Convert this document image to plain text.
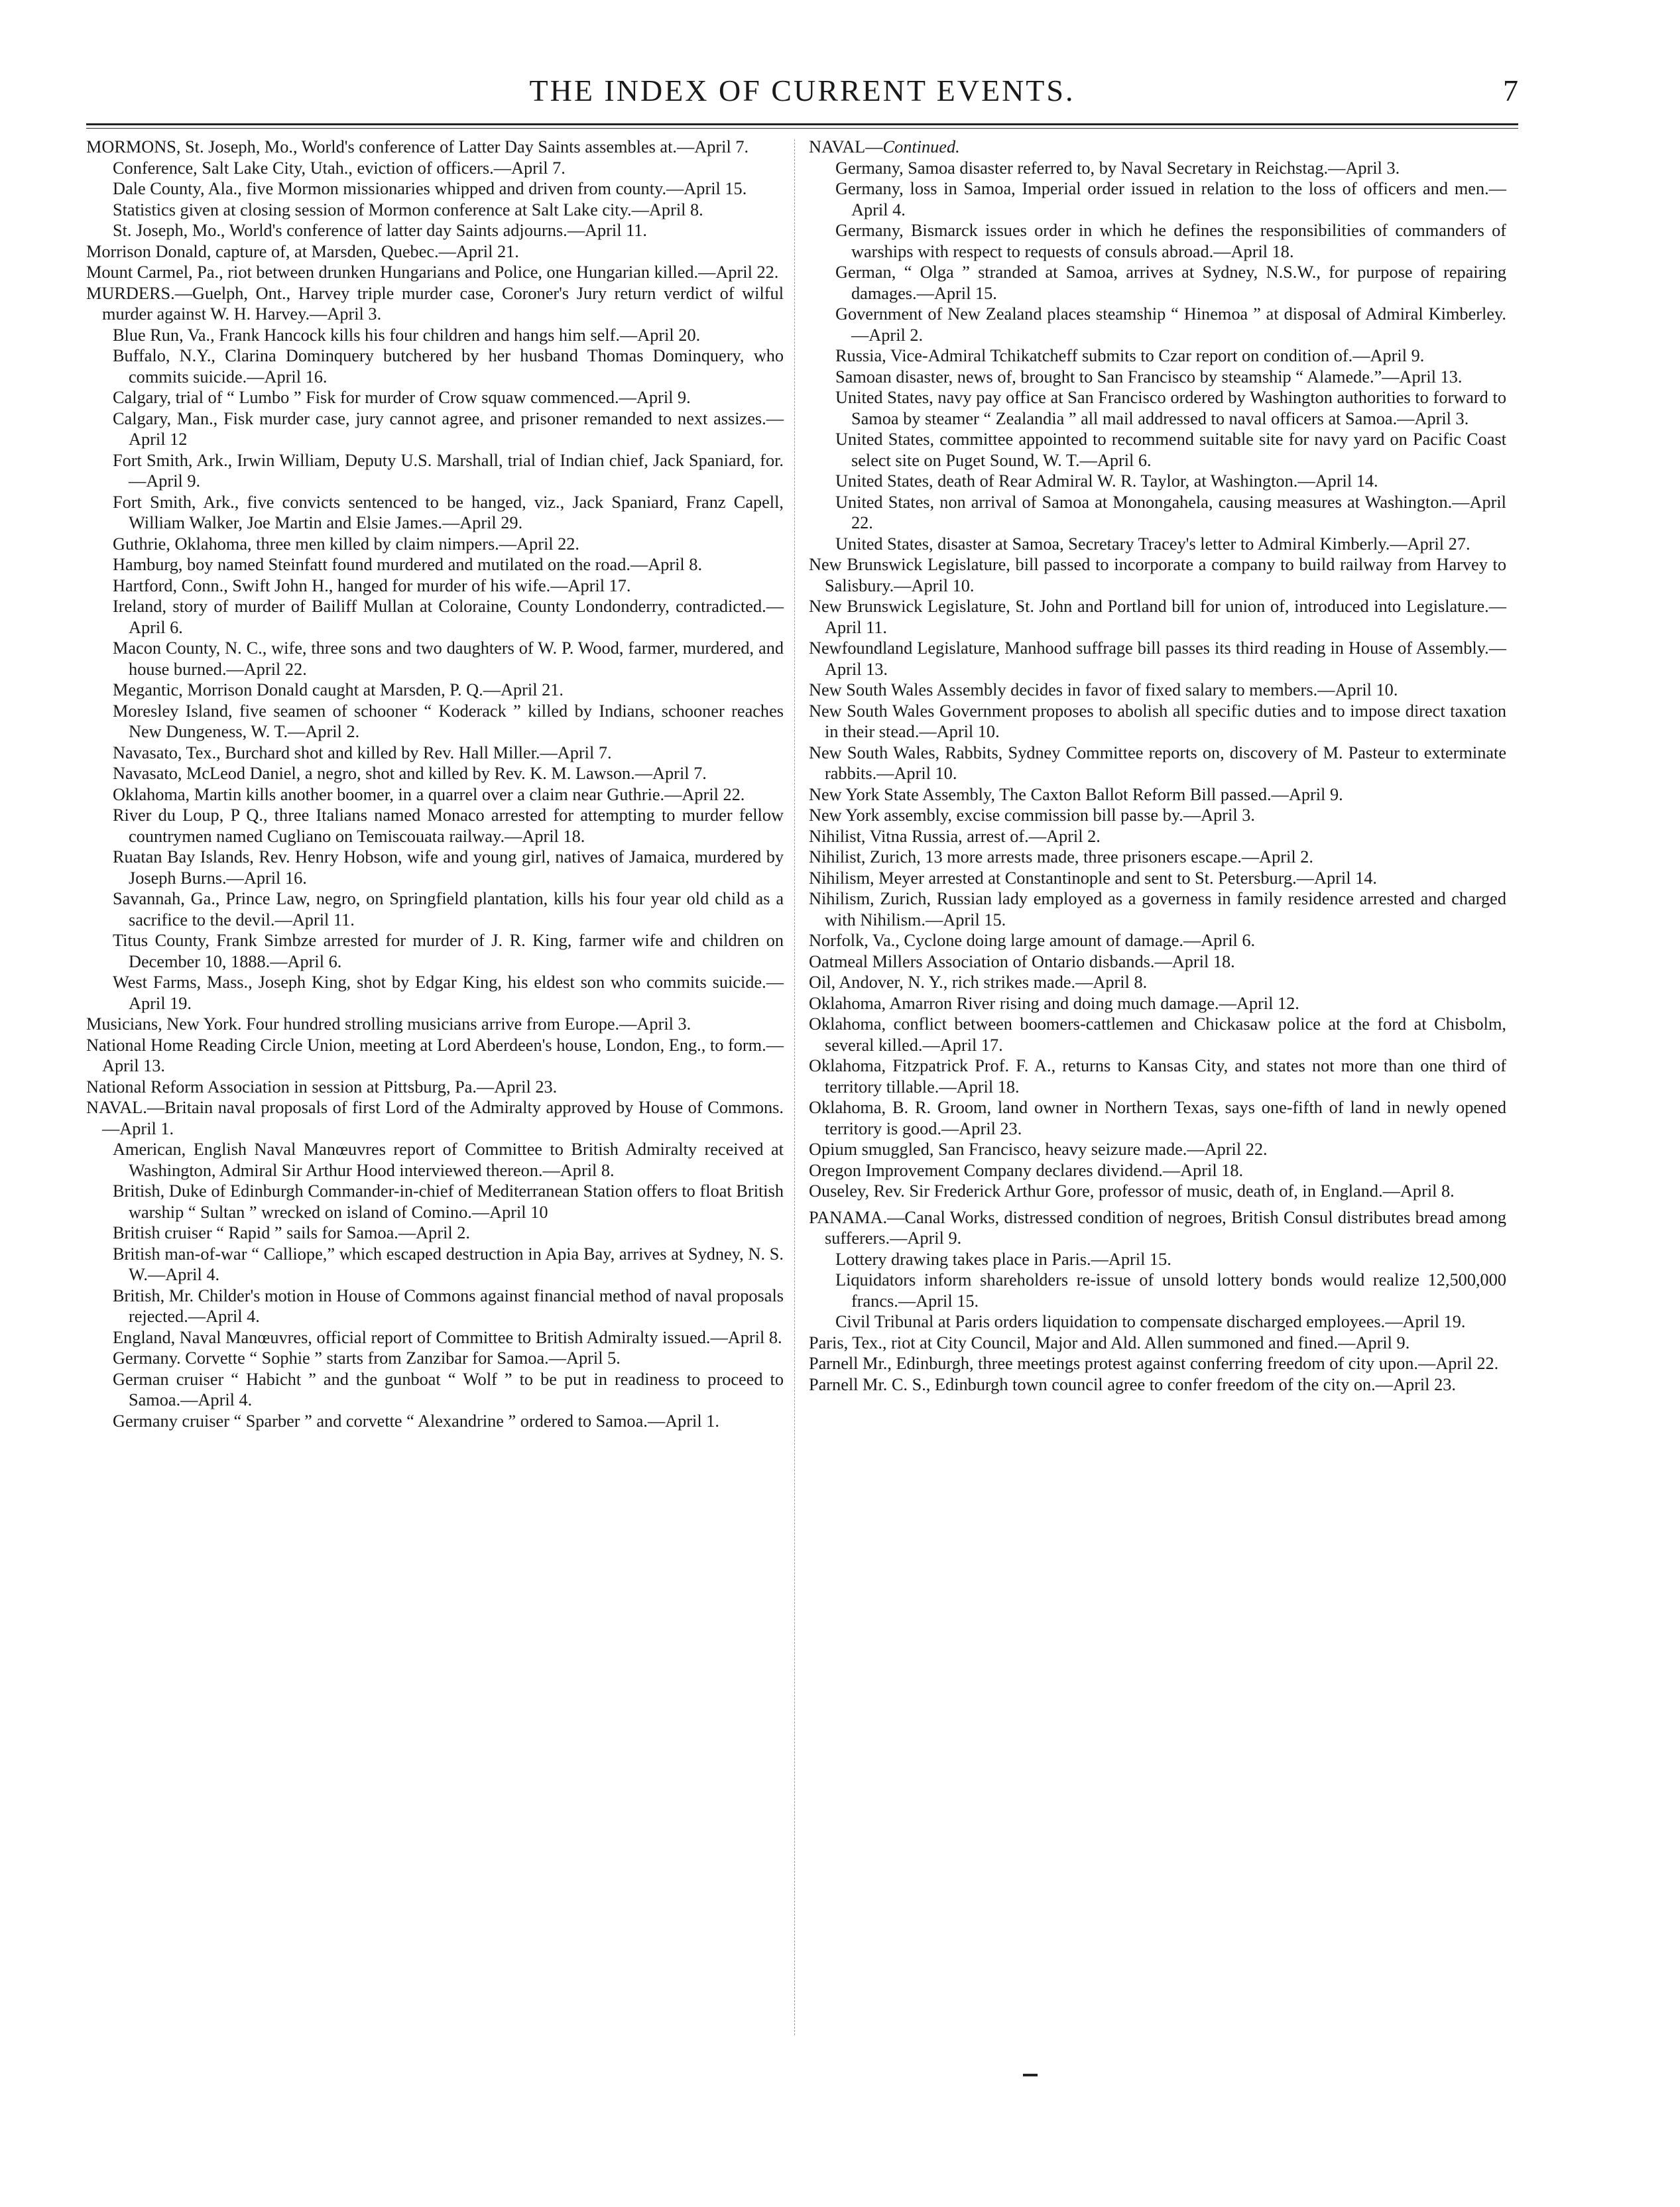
THE INDEX OF CURRENT EVENTS.	7

MORMONS, St. Joseph, Mo., World's conference of Latter Day Saints assembles at.—April 7.

Conference, Salt Lake City, Utah., eviction of officers.—April 7.

Dale County, Ala., five Mormon missionaries whipped and driven from county.—April 15.

Statistics given at closing session of Mormon conference at Salt Lake city.—April 8.

St. Joseph, Mo., World's conference of latter day Saints adjourns.—April 11.

Morrison Donald, capture of, at Marsden, Quebec.—April 21.

Mount Carmel, Pa., riot between drunken Hungarians and Police, one Hungarian killed.—April 22.

MURDERS.—Guelph, Ont., Harvey triple murder case, Coroner's Jury return verdict of wilful murder against W. H. Harvey.—April 3.

Blue Run, Va., Frank Hancock kills his four children and hangs him self.—April 20.

Buffalo, N.Y., Clarina Dominquery butchered by her husband Thomas Dominquery, who commits suicide.—April 16.

Calgary, trial of “ Lumbo ” Fisk for murder of Crow squaw commenced.—April 9.

Calgary, Man., Fisk murder case, jury cannot agree, and prisoner remanded to next assizes.—April 12

Fort Smith, Ark., Irwin William, Deputy U.S. Marshall, trial of Indian chief, Jack Spaniard, for.—April 9.

Fort Smith, Ark., five convicts sentenced to be hanged, viz., Jack Spaniard, Franz Capell, William Walker, Joe Martin and Elsie James.—April 29.

Guthrie, Oklahoma, three men killed by claim nimpers.—April 22.

Hamburg, boy named Steinfatt found murdered and mutilated on the road.—April 8.

Hartford, Conn., Swift John H., hanged for murder of his wife.—April 17.

Ireland, story of murder of Bailiff Mullan at Coloraine, County Londonderry, contradicted.—April 6.

Macon County, N. C., wife, three sons and two daughters of W. P. Wood, farmer, murdered, and house burned.—April 22.

Megantic, Morrison Donald caught at Marsden, P. Q.—April 21.

Moresley Island, five seamen of schooner “ Koderack ” killed by Indians, schooner reaches New Dungeness, W. T.—April 2.

Navasato, Tex., Burchard shot and killed by Rev. Hall Miller.—April 7.

Navasato, McLeod Daniel, a negro, shot and killed by Rev. K. M. Lawson.—April 7.

Oklahoma, Martin kills another boomer, in a quarrel over a claim near Guthrie.—April 22.

River du Loup, P Q., three Italians named Monaco arrested for attempting to murder fellow countrymen named Cugliano on Temiscouata railway.—April 18.

Ruatan Bay Islands, Rev. Henry Hobson, wife and young girl, natives of Jamaica, murdered by Joseph Burns.—April 16.

Savannah, Ga., Prince Law, negro, on Springfield plantation, kills his four year old child as a sacrifice to the devil.—April 11.

Titus County, Frank Simbze arrested for murder of J. R. King, farmer wife and children on December 10, 1888.—April 6.

West Farms, Mass., Joseph King, shot by Edgar King, his eldest son who commits suicide.—April 19.

Musicians, New York. Four hundred strolling musicians arrive from Europe.—April 3.

National Home Reading Circle Union, meeting at Lord Aberdeen's house, London, Eng., to form.—April 13.

National Reform Association in session at Pittsburg, Pa.—April 23.

NAVAL.—Britain naval proposals of first Lord of the Admiralty approved by House of Commons.—April 1.

American, English Naval Manœuvres report of Committee to British Admiralty received at Washington, Admiral Sir Arthur Hood interviewed thereon.—April 8.

British, Duke of Edinburgh Commander-in-chief of Mediterranean Station offers to float British warship “ Sultan ” wrecked on island of Comino.—April 10

British cruiser “ Rapid ” sails for Samoa.—April 2.

British man-of-war “ Calliope,” which escaped destruction in Apia Bay, arrives at Sydney, N. S. W.—April 4.

British, Mr. Childer's motion in House of Commons against financial method of naval proposals rejected.—April 4.

England, Naval Manœuvres, official report of Committee to British Admiralty issued.—April 8.

Germany. Corvette “ Sophie ” starts from Zanzibar for Samoa.—April 5.

German cruiser “ Habicht ” and the gunboat “ Wolf ” to be put in readiness to proceed to Samoa.—April 4.

Germany cruiser “ Sparber ” and corvette “ Alexandrine ” ordered to Samoa.—April 1.

NAVAL—Continued.

Germany, Samoa disaster referred to, by Naval Secretary in Reichstag.—April 3.

Germany, loss in Samoa, Imperial order issued in relation to the loss of officers and men.—April 4.

Germany, Bismarck issues order in which he defines the responsibilities of commanders of warships with respect to requests of consuls abroad.—April 18.

German, “ Olga ” stranded at Samoa, arrives at Sydney, N.S.W., for purpose of repairing damages.—April 15.

Government of New Zealand places steamship “ Hinemoa ” at disposal of Admiral Kimberley.—April 2.

Russia, Vice-Admiral Tchikatcheff submits to Czar report on condition of.—April 9.

Samoan disaster, news of, brought to San Francisco by steamship “ Alamede.”—April 13.

United States, navy pay office at San Francisco ordered by Washington authorities to forward to Samoa by steamer “ Zealandia ” all mail addressed to naval officers at Samoa.—April 3.

United States, committee appointed to recommend suitable site for navy yard on Pacific Coast select site on Puget Sound, W. T.—April 6.

United States, death of Rear Admiral W. R. Taylor, at Washington.—April 14.

United States, non arrival of Samoa at Monongahela, causing measures at Washington.—April 22.

United States, disaster at Samoa, Secretary Tracey's letter to Admiral Kimberly.—April 27.

New Brunswick Legislature, bill passed to incorporate a company to build railway from Harvey to Salisbury.—April 10.

New Brunswick Legislature, St. John and Portland bill for union of, introduced into Legislature.—April 11.

Newfoundland Legislature, Manhood suffrage bill passes its third reading in House of Assembly.—April 13.

New South Wales Assembly decides in favor of fixed salary to members.—April 10.

New South Wales Government proposes to abolish all specific duties and to impose direct taxation in their stead.—April 10.

New South Wales, Rabbits, Sydney Committee reports on, discovery of M. Pasteur to exterminate rabbits.—April 10.

New York State Assembly, The Caxton Ballot Reform Bill passed.—April 9.

New York assembly, excise commission bill passe by.—April 3.

Nihilist, Vitna Russia, arrest of.—April 2.

Nihilist, Zurich, 13 more arrests made, three prisoners escape.—April 2.

Nihilism, Meyer arrested at Constantinople and sent to St. Petersburg.—April 14.

Nihilism, Zurich, Russian lady employed as a governess in family residence arrested and charged with Nihilism.—April 15.

Norfolk, Va., Cyclone doing large amount of damage.—April 6.

Oatmeal Millers Association of Ontario disbands.—April 18.

Oil, Andover, N. Y., rich strikes made.—April 8.

Oklahoma, Amarron River rising and doing much damage.—April 12.

Oklahoma, conflict between boomers-cattlemen and Chickasaw police at the ford at Chisbolm, several killed.—April 17.

Oklahoma, Fitzpatrick Prof. F. A., returns to Kansas City, and states not more than one third of territory tillable.—April 18.

Oklahoma, B. R. Groom, land owner in Northern Texas, says one-fifth of land in newly opened territory is good.—April 23.

Opium smuggled, San Francisco, heavy seizure made.—April 22.

Oregon Improvement Company declares dividend.—April 18.

Ouseley, Rev. Sir Frederick Arthur Gore, professor of music, death of, in England.—April 8.

PANAMA.—Canal Works, distressed condition of negroes, British Consul distributes bread among sufferers.—April 9.

Lottery drawing takes place in Paris.—April 15.

Liquidators inform shareholders re-issue of unsold lottery bonds would realize 12,500,000 francs.—April 15.

Civil Tribunal at Paris orders liquidation to compensate discharged employees.—April 19.

Paris, Tex., riot at City Council, Major and Ald. Allen summoned and fined.—April 9.

Parnell Mr., Edinburgh, three meetings protest against conferring freedom of city upon.—April 22.

Parnell Mr. C. S., Edinburgh town council agree to confer freedom of the city on.—April 23.
